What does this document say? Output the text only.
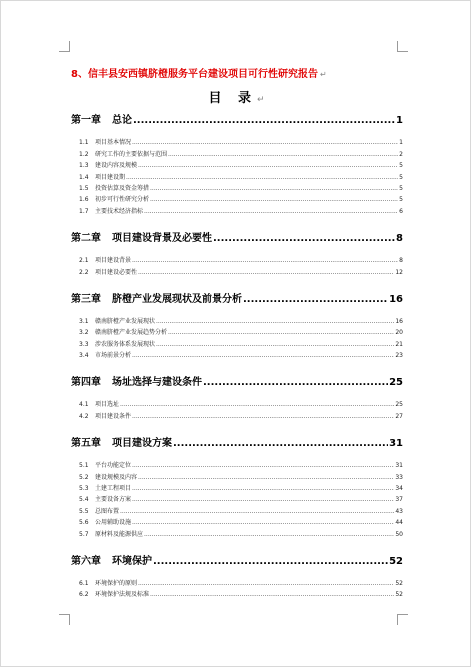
8、信丰县安西镇脐橙服务平台建设项目可行性研究报告 ↵
目 录↵
第一章 总论 .....	1
1.1 项目基本情况 .....	1
1.2 研究工作的主要依据与范围 .....	2
1.3 建设内容及规模 .....	5
1.4 项目建设期 .....	5
1.5 投资估算及资金筹措 .....	5
1.6 初步可行性研究分析 .....	5
1.7 主要技术经济指标 .....	6
第二章 项目建设背景及必要性 .....	8
2.1 项目建设背景 .....	8
2.2 项目建设必要性 .....	12
第三章 脐橙产业发展现状及前景分析 .....	16
3.1 赣南脐橙产业发展现状 .....	16
3.2 赣南脐橙产业发展趋势分析 .....	20
3.3 涉农服务体系发展现状 .....	21
3.4 市场前景分析 .....	23
第四章 场址选择与建设条件 .....	25
4.1 项目选址 .....	25
4.2 项目建设条件 .....	27
第五章 项目建设方案 .....	31
5.1 平台功能定位 .....	31
5.2 建设规模及内容 .....	33
5.3 土建工程项目 .....	34
5.4 主要设备方案 .....	37
5.5 总图布置 .....	43
5.6 公用辅助设施 .....	44
5.7 原材料及能源供应 .....	50
第六章 环境保护 .....	52
6.1 环境保护的原则 .....	52
6.2 环境保护法规及标准 .....	52
